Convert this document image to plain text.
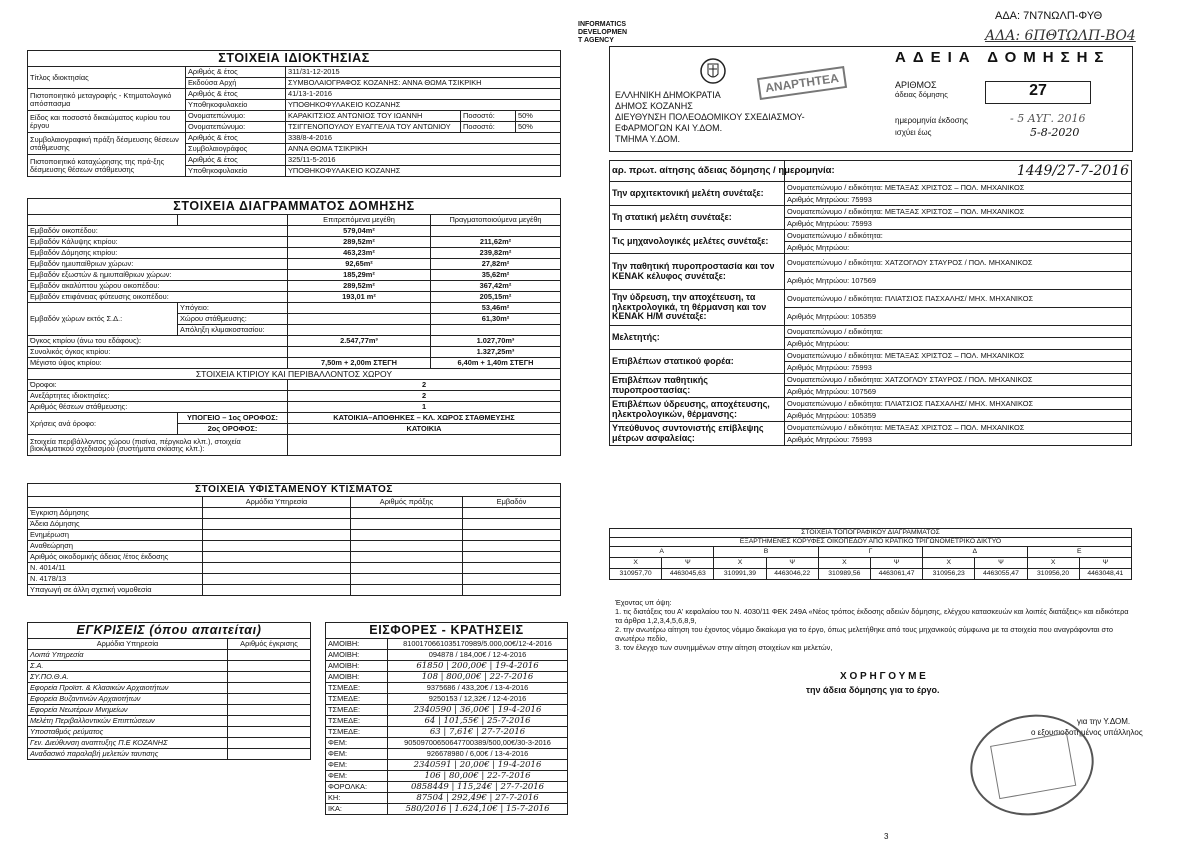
INFORMATICS
DEVELOPMEN
T AGENCY
ΑΔΑ: 7Ν7ΝΩΛΠ-ΦΥΘ
ΑΔΑ: 6ΠΘΤΩΛΠ-ΒΟ4
3
ΣΤΟΙΧΕΙΑ ΙΔΙΟΚΤΗΣΙΑΣ				
Τίτλος ιδιοκτησίας	Αριθμός & έτος	311/31-12-2015		
	Εκδούσα Αρχή	ΣΥΜΒΟΛΑΙΟΓΡΑΦΟΣ ΚΟΖΑΝΗΣ: ΑΝΝΑ ΘΩΜΑ ΤΣΙΚΡΙΚΗ		
Πιστοποιητικό μεταγραφής - Κτηματολογικό απόσπασμα	Αριθμός & έτος	41/13-1-2016		
	Υποθηκοφυλακείο	ΥΠΟΘΗΚΟΦΥΛΑΚΕΙΟ ΚΟΖΑΝΗΣ		
Είδος και ποσοστό δικαιώματος κυρίου του έργου	Ονοματεπώνυμο:	ΚΑΡΑΚΙΤΣΙΟΣ ΑΝΤΩΝΙΟΣ ΤΟΥ ΙΩΑΝΝΗ	Ποσοστό:	50%
	Ονοματεπώνυμο:	ΤΣΙΓΓΕΝΟΠΟΥΛΟΥ ΕΥΑΓΓΕΛΙΑ ΤΟΥ ΑΝΤΩΝΙΟΥ	Ποσοστό:	50%
Συμβολαιογραφική πράξη δέσμευσης θέσεων στάθμευσης	Αριθμός & έτος	338/8-4-2016		
	Συμβολαιογράφος	ΑΝΝΑ ΘΩΜΑ ΤΣΙΚΡΙΚΗ		
Πιστοποιητικό καταχώρησης της πρά-ξης δέσμευσης θέσεων στάθμευσης	Αριθμός & έτος	325/11-5-2016		
	Υποθηκοφυλακείο	ΥΠΟΘΗΚΟΦΥΛΑΚΕΙΟ ΚΟΖΑΝΗΣ		
ΣΤΟΙΧΕΙΑ ΔΙΑΓΡΑΜΜΑΤΟΣ ΔΟΜΗΣΗΣ			
		Επιτρεπόμενα μεγέθη	Πραγματοποιούμενα μεγέθη
Εμβαδόν οικοπέδου:		579,04m²	
Εμβαδόν Κάλυψης κτιρίου:		289,52m²	211,62m²
Εμβαδόν Δόμησης κτιρίου:		463,23m²	239,82m²
Εμβαδόν ημιυπαίθριων χώρων:		92,65m²	27,82m²
Εμβαδόν εξωστών & ημιυπαίθριων χώρων:		185,29m²	35,62m²
Εμβαδόν ακαλύπτου χώρου οικοπέδου:		289,52m²	367,42m²
Εμβαδόν επιφάνειας φύτευσης οικοπέδου:		193,01 m²	205,15m²
Εμβαδόν χώρων εκτός Σ.Δ.:	Υπόγειο:		53,46m²
	Χώρου στάθμευσης:		61,30m²
	Απόληξη κλιμακοστασίου:		
Όγκος κτιρίου (άνω του εδάφους):		2.547,77m³	1.027,70m³
Συνολικός όγκος κτιρίου:			1.327,25m³
Μέγιστο ύψος κτιρίου:		7,50m + 2,00m ΣΤΕΓΗ	6,40m + 1,40m ΣΤΕΓΗ
ΣΤΟΙΧΕΙΑ ΚΤΙΡΙΟΥ ΚΑΙ ΠΕΡΙΒΑΛΛΟΝΤΟΣ ΧΩΡΟΥ			
Όροφοι:		2	
Ανεξάρτητες ιδιοκτησίες:		2	
Αριθμός θέσεων στάθμευσης:		1	
Χρήσεις ανά όροφο:	ΥΠΟΓΕΙΟ – 1ος ΟΡΟΦΟΣ:	ΚΑΤΟΙΚΙΑ–ΑΠΟΘΗΚΕΣ – ΚΛ. ΧΩΡΟΣ ΣΤΑΘΜΕΥΣΗΣ	
	2ος ΟΡΟΦΟΣ:	ΚΑΤΟΙΚΙΑ	
Στοιχεία περιβάλλοντος χώρου (πισίνα, πέργκολα κλπ.), στοιχεία βιοκλιματικού σχεδιασμού (συστήματα σκίασης κλπ.):			
ΣΤΟΙΧΕΙΑ ΥΦΙΣΤΑΜΕΝΟΥ ΚΤΙΣΜΑΤΟΣ			
	Αρμόδια Υπηρεσία	Αριθμός πράξης	Εμβαδόν
Έγκριση Δόμησης			
Άδεια Δόμησης			
Ενημέρωση			
Αναθεώρηση			
Αριθμός οικοδομικής άδειας /έτος έκδοσης			
Ν. 4014/11			
Ν. 4178/13			
Υπαγωγή σε άλλη σχετική νομοθεσία			
ΕΓΚΡΙΣΕΙΣ (όπου απαιτείται)	
Αρμόδια Υπηρεσία	Αριθμός έγκρισης
Λοιπά Υπηρεσία	
Σ.Α.	
ΣΥ.ΠΟ.Θ.Α.	
Εφορεία Προϊστ. & Κλασικών Αρχαιοτήτων	
Εφορεία Βυζαντινών Αρχαιοτήτων	
Εφορεία Νεωτέρων Μνημείων	
Μελέτη Περιβαλλοντικών Επιπτώσεων	
Υποσταθμός ρεύματος	
Γεν. Διεύθυνση αναπτυξης Π.Ε ΚΟΖΑΝΗΣ	
Αναδασικό παραλαβή μελετών ταυτισης	
ΕΙΣΦΟΡΕΣ - ΚΡΑΤΗΣΕΙΣ	
ΑΜΟΙΒΗ:	8100170661035170989/5.000,00€/12-4-2016
ΑΜΟΙΒΗ:	094878 / 184,00€ / 12-4-2016
ΑΜΟΙΒΗ:	61850 | 200,00€ | 19-4-2016
ΑΜΟΙΒΗ:	108 | 800,00€ | 22-7-2016
ΤΣΜΕΔΕ:	9375686 / 433,20€ / 13-4-2016
ΤΣΜΕΔΕ:	9250153 / 12,32€ / 12-4-2016
ΤΣΜΕΔΕ:	2340590 | 36,00€ | 19-4-2016
ΤΣΜΕΔΕ:	64 | 101,55€ | 25-7-2016
ΤΣΜΕΔΕ:	63 | 7,61€ | 27-7-2016
ΦΕΜ:	90509700650647700389/500,00€/30-3-2016
ΦΕΜ:	926678980 / 6,00€ / 13-4-2016
ΦΕΜ:	2340591 | 20,00€ | 19-4-2016
ΦΕΜ:	106 | 80,00€ | 22-7-2016
ΦΟΡΟΛΚΑ:	0858449 | 115,24€ | 27-7-2016
ΚΗ:	87504 | 292,49€ | 27-7-2016
ΙΚΑ:	580/2016 | 1.624,10€ | 15-7-2016
ΕΛΛΗΝΙΚΗ ΔΗΜΟΚΡΑΤΙΑ
ΔΗΜΟΣ ΚΟΖΑΝΗΣ
ΔΙΕΥΘΥΝΣΗ ΠΟΛΕΟΔΟΜΙΚΟΥ ΣΧΕΔΙΑΣΜΟΥ-
ΕΦΑΡΜΟΓΩΝ ΚΑΙ Υ.ΔΟΜ.
ΤΜΗΜΑ Υ.ΔΟΜ.
ΑΝΑΡΤΗΤΕΑ
ΑΔΕΙΑ ΔΟΜΗΣΗΣ
ΑΡΙΘΜΟΣ
άδειας δόμησης	27
ημερομηνία έκδοσης	- 5 ΑΥΓ. 2016
ισχύει έως	5-8-2020
αρ. πρωτ. αίτησης άδειας δόμησης / ημερομηνία:	1449/27-7-2016
Την αρχιτεκτονική μελέτη συνέταξε:	Ονοματεπώνυμο / ειδικότητα: ΜΕΤΑΞΑΣ ΧΡΙΣΤΟΣ – ΠΟΛ. ΜΗΧΑΝΙΚΟΣ
	Αριθμός Μητρώου: 75993
Τη στατική μελέτη συνέταξε:	Ονοματεπώνυμο / ειδικότητα: ΜΕΤΑΞΑΣ ΧΡΙΣΤΟΣ – ΠΟΛ. ΜΗΧΑΝΙΚΟΣ
	Αριθμός Μητρώου: 75993
Τις μηχανολογικές μελέτες συνέταξε:	Ονοματεπώνυμο / ειδικότητα:
	Αριθμός Μητρώου:
Την παθητική πυροπροστασία και τον ΚΕΝΑΚ κέλυφος συνέταξε:	Ονοματεπώνυμο / ειδικότητα: ΧΑΤΖΟΓΛΟΥ ΣΤΑΥΡΟΣ / ΠΟΛ. ΜΗΧΑΝΙΚΟΣ
	Αριθμός Μητρώου: 107569
Την ύδρευση, την αποχέτευση, τα ηλεκτρολογικά, τη θέρμανση και τον ΚΕΝΑΚ Η/Μ συνέταξε:	Ονοματεπώνυμο / ειδικότητα: ΠΛΙΑΤΣΙΟΣ ΠΑΣΧΑΛΗΣ/ ΜΗΧ. ΜΗΧΑΝΙΚΟΣ
	Αριθμός Μητρώου: 105359
Μελετητής:	Ονοματεπώνυμο / ειδικότητα:
	Αριθμός Μητρώου:
Επιβλέπων στατικού φορέα:	Ονοματεπώνυμο / ειδικότητα: ΜΕΤΑΞΑΣ ΧΡΙΣΤΟΣ – ΠΟΛ. ΜΗΧΑΝΙΚΟΣ
	Αριθμός Μητρώου: 75993
Επιβλέπων παθητικής πυροπροστασίας:	Ονοματεπώνυμο / ειδικότητα: ΧΑΤΖΟΓΛΟΥ ΣΤΑΥΡΟΣ / ΠΟΛ. ΜΗΧΑΝΙΚΟΣ
	Αριθμός Μητρώου: 107569
Επιβλέπων ύδρευσης, αποχέτευσης, ηλεκτρολογικών, θέρμανσης:	Ονοματεπώνυμο / ειδικότητα: ΠΛΙΑΤΣΙΟΣ ΠΑΣΧΑΛΗΣ/ ΜΗΧ. ΜΗΧΑΝΙΚΟΣ
	Αριθμός Μητρώου: 105359
Υπεύθυνος συντονιστής επίβλεψης μέτρων ασφαλείας:	Ονοματεπώνυμο / ειδικότητα: ΜΕΤΑΞΑΣ ΧΡΙΣΤΟΣ – ΠΟΛ. ΜΗΧΑΝΙΚΟΣ
	Αριθμός Μητρώου: 75993
ΣΤΟΙΧΕΙΑ ΤΟΠΟΓΡΑΦΙΚΟΥ ΔΙΑΓΡΑΜΜΑΤΟΣ									
ΕΞΑΡΤΗΜΕΝΕΣ ΚΟΡΥΦΕΣ ΟΙΚΟΠΕΔΟΥ ΑΠΟ ΚΡΑΤΙΚΟ ΤΡΙΓΩΝΟΜΕΤΡΙΚΟ ΔΙΚΤΥΟ									
Α		Β		Γ		Δ		Ε	
Χ	Ψ	Χ	Ψ	Χ	Ψ	Χ	Ψ	Χ	Ψ
310957,70	4463045,63	310991,39	4463046,22	310989,56	4463061,47	310956,23	4463055,47	310956,20	4463048,41
Έχοντας υπ όψη:
1. τις διατάξεις του Α' κεφαλαίου του Ν. 4030/11 ΦΕΚ 249Α «Νέος τρόπος έκδοσης αδειών δόμησης, ελέγχου κατασκευών και λοιπές διατάξεις» και ειδικότερα τα άρθρα 1,2,3,4,5,6,8,9,
2. την ανωτέρω αίτηση του έχοντος νόμιμο δικαίωμα για το έργο, όπως μελετήθηκε από τους μηχανικούς σύμφωνα με τα στοιχεία που αναγράφονται στο ανωτέρω πεδίο,
3. τον έλεγχο των συνημμένων στην αίτηση στοιχείων και μελετών,
Χ Ο Ρ Η Γ Ο Υ Μ Ε
την άδεια δόμησης για το έργο.
για την Υ.ΔΟΜ.
ο εξουσιοδοτημένος υπάλληλος
